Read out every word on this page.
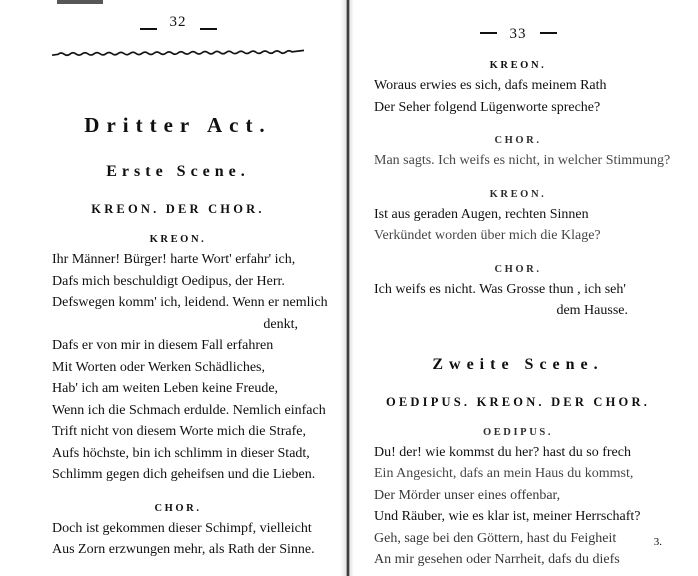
32
Dritter Act.
Erste Scene.
KREON. DER CHOR.
KREON.
Ihr Männer! Bürger! harte Wort' erfahr' ich,
Dafs mich beschuldigt Oedipus, der Herr.
Defswegen komm' ich, leidend. Wenn er nemlich
denkt,
Dafs er von mir in diesem Fall erfahren
Mit Worten oder Werken Schädliches,
Hab' ich am weiten Leben keine Freude,
Wenn ich die Schmach erdulde. Nemlich einfach
Trift nicht von diesem Worte mich die Strafe,
Aufs höchste, bin ich schlimm in dieser Stadt,
Schlimm gegen dich geheifsen und die Lieben.
CHOR.
Doch ist gekommen dieser Schimpf, vielleicht
Aus Zorn erzwungen mehr, als Rath der Sinne.
33
KREON.
Woraus erwies es sich, dafs meinem Rath
Der Seher folgend Lügenworte spreche?
CHOR.
Man sagts. Ich weifs es nicht, in welcher Stimmung?
KREON.
Ist aus geraden Augen, rechten Sinnen
Verkündet worden über mich die Klage?
CHOR.
Ich weifs es nicht. Was Grosse thun , ich seh'
dem Hausse.
Zweite Scene.
OEDIPUS. KREON. DER CHOR.
OEDIPUS.
Du! der! wie kommst du her? hast du so frech
Ein Angesicht, dafs an mein Haus du kommst,
Der Mörder unser eines offenbar,
Und Räuber, wie es klar ist, meiner Herrschaft?
Geh, sage bei den Göttern, hast du Feigheit
An mir gesehen oder Narrheit, dafs du diefs
3.
